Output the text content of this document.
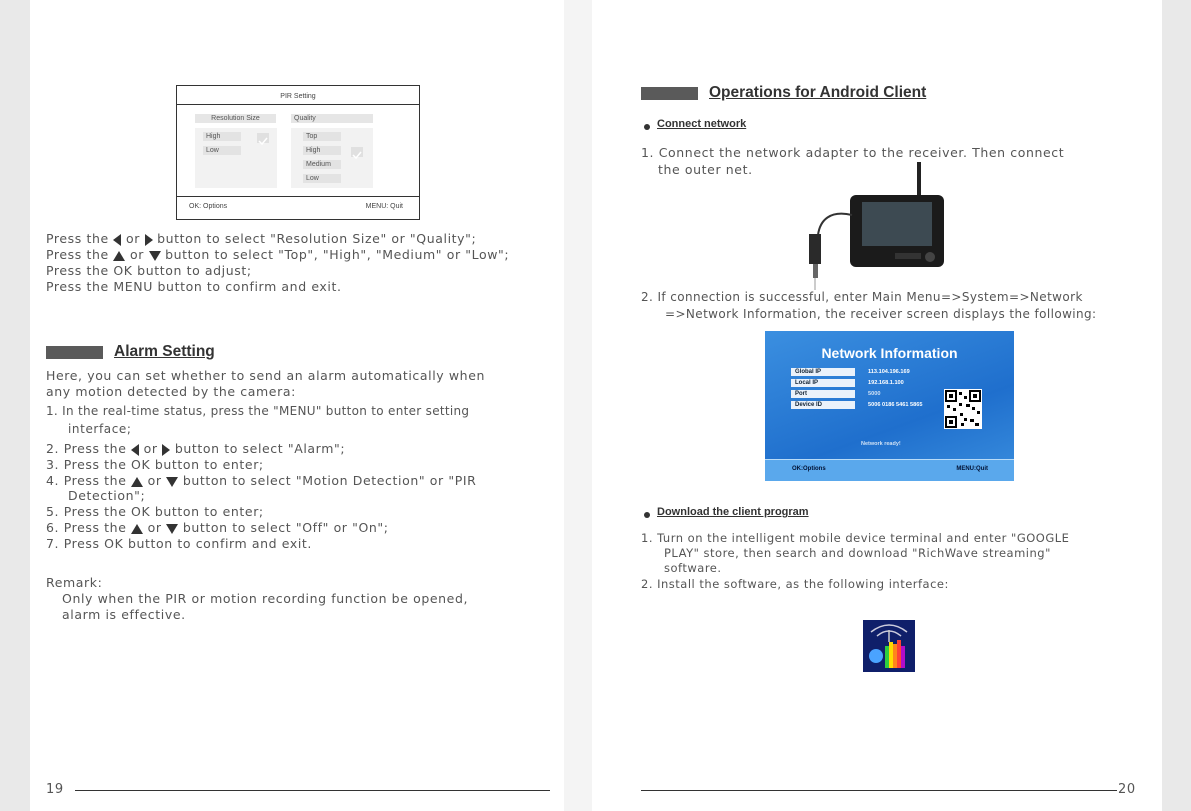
PIR Setting
Resolution Size	Quality
High
Low
Top
High
Medium
Low
OK: Options	MENU: Quit
Press the or button to select "Resolution Size" or "Quality";
Press the or button to select "Top", "High", "Medium" or "Low";
Press the OK button to adjust;
Press the MENU button to confirm and exit.
Alarm Setting
Here, you can set whether to send an alarm automatically when
any motion detected by the camera:
1. In the real-time status, press the "MENU" button to enter setting
interface;
2. Press the or button to select "Alarm";
3. Press the OK button to enter;
4. Press the or button to select "Motion Detection" or "PIR
Detection";
5. Press the OK button to enter;
6. Press the or button to select "Off" or "On";
7. Press OK button to confirm and exit.
Remark:
Only when the PIR or motion recording function be opened,
alarm is effective.
19
Operations for Android Client
Connect network
1. Connect the network adapter to the receiver. Then connect
the outer net.
2. If connection is successful, enter Main Menu=>System=>Network
=>Network Information, the receiver screen displays the following:
Network Information
Global IP	113.104.196.169
Local IP	192.168.1.100
Port	5000
Device ID	5006 0186 5461 5865
Network ready!
OK:Options	MENU:Quit
Download the client program
1. Turn on the intelligent mobile device terminal and enter "GOOGLE
PLAY" store, then search and download "RichWave streaming"
software.
2. Install the software, as the following interface:
20
